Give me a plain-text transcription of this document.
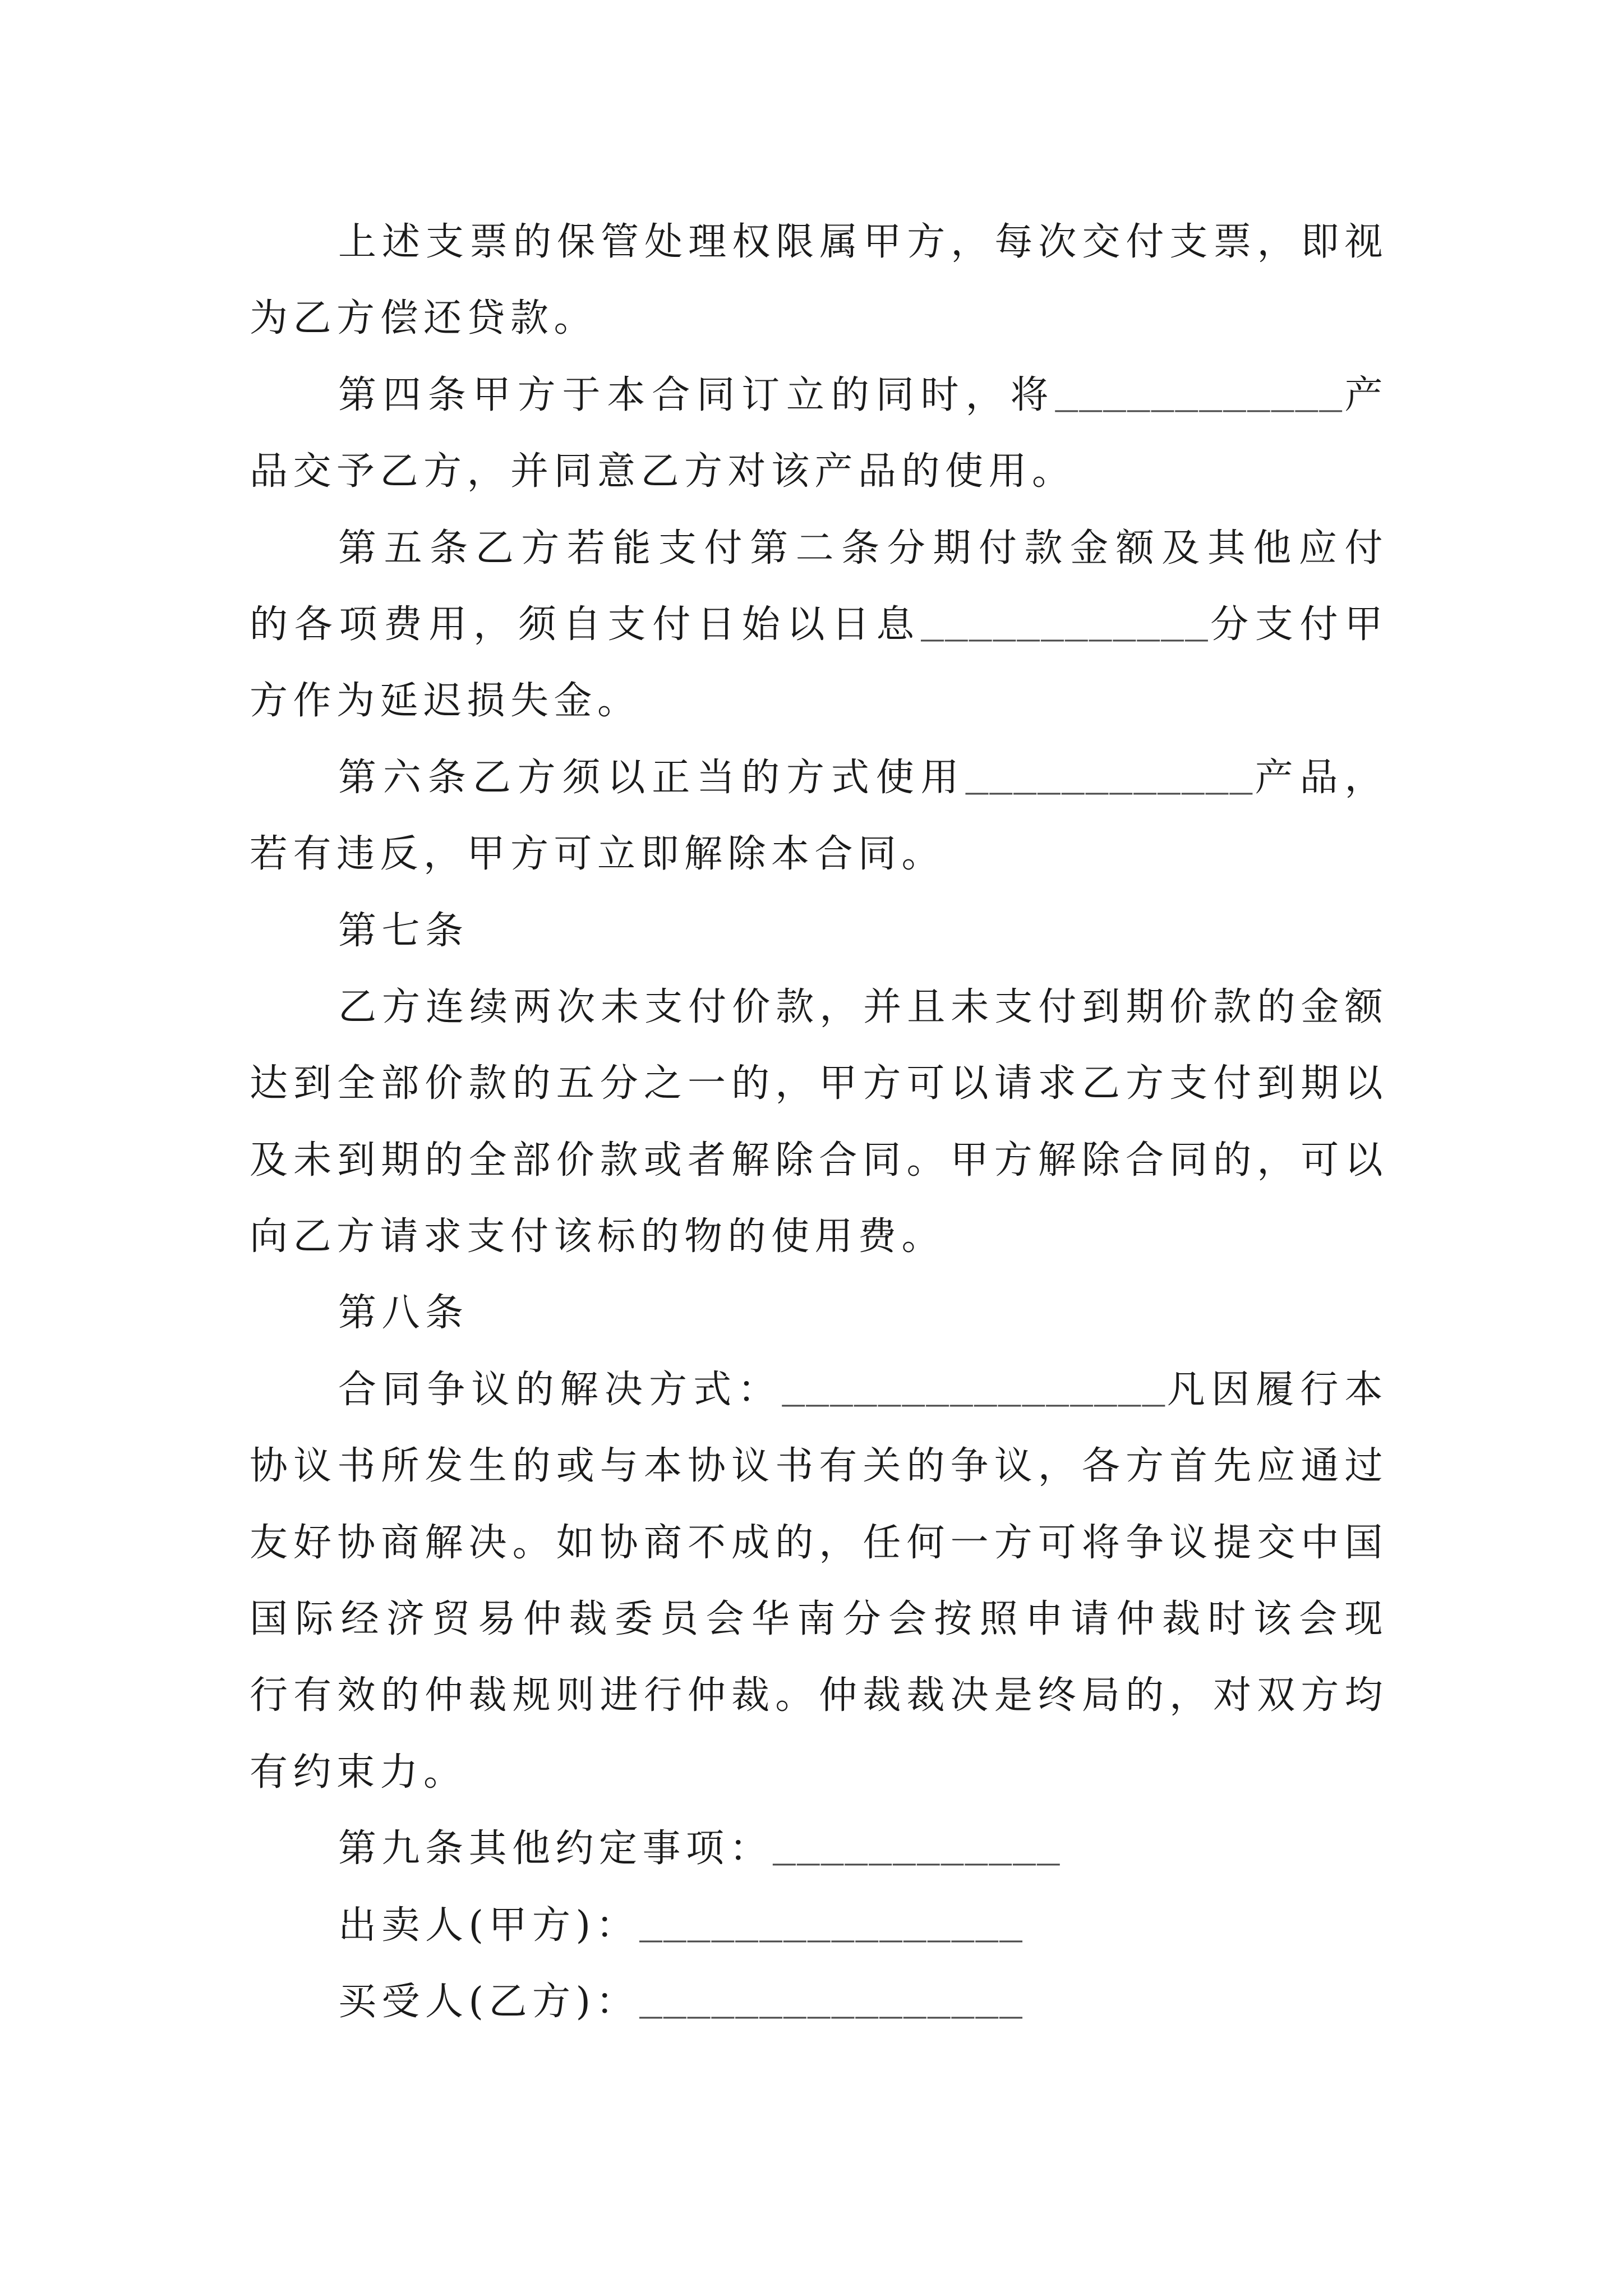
上述支票的保管处理权限属甲方，每次交付支票，即视
为乙方偿还贷款。
第四条甲方于本合同订立的同时，将____________产
品交予乙方，并同意乙方对该产品的使用。
第五条乙方若能支付第二条分期付款金额及其他应付
的各项费用，须自支付日始以日息____________分支付甲
方作为延迟损失金。
第六条乙方须以正当的方式使用____________产品，
若有违反，甲方可立即解除本合同。
第七条
乙方连续两次未支付价款，并且未支付到期价款的金额
达到全部价款的五分之一的，甲方可以请求乙方支付到期以
及未到期的全部价款或者解除合同。甲方解除合同的，可以
向乙方请求支付该标的物的使用费。
第八条
合同争议的解决方式：________________凡因履行本
协议书所发生的或与本协议书有关的争议，各方首先应通过
友好协商解决。如协商不成的，任何一方可将争议提交中国
国际经济贸易仲裁委员会华南分会按照申请仲裁时该会现
行有效的仲裁规则进行仲裁。仲裁裁决是终局的，对双方均
有约束力。
第九条其他约定事项：____________
出卖人(甲方)：________________
买受人(乙方)：________________
